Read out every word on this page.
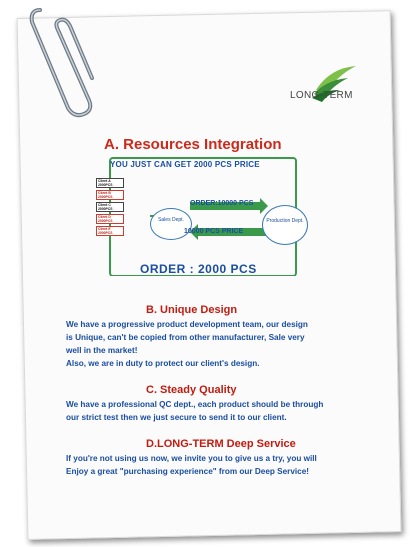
LONG-TERM
A. Resources Integration
YOU JUST CAN GET 2000 PCS PRICE
Client A
2000PCS
Client B
2000PCS
Client C
2000PCS
Client D
2000PCS
Client E
2000PCS
Sales Dept.	Production Dept.
ORDER:10000 PCS
10000 PCS PRICE
ORDER : 2000 PCS
B. Unique Design
We have a progressive product development team, our design
is Unique, can't be copied from other manufacturer, Sale very
well in the market!
Also, we are in duty to protect our client's design.
C. Steady Quality
We have a professional QC dept., each product should be through
our strict test then we just secure to send it to our client.
D.LONG-TERM Deep Service
If you're not using us now, we invite you to give us a try, you will
Enjoy a great "purchasing experience" from our Deep Service!
